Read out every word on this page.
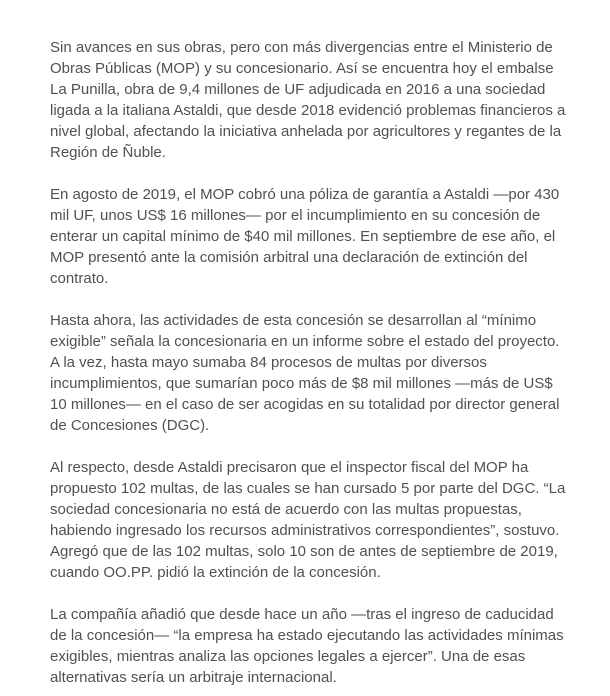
Sin avances en sus obras, pero con más divergencias entre el Ministerio de Obras Públicas (MOP) y su concesionario. Así se encuentra hoy el embalse La Punilla, obra de 9,4 millones de UF adjudicada en 2016 a una sociedad ligada a la italiana Astaldi, que desde 2018 evidenció problemas financieros a nivel global, afectando la iniciativa anhelada por agricultores y regantes de la Región de Ñuble.

En agosto de 2019, el MOP cobró una póliza de garantía a Astaldi —por 430 mil UF, unos US$ 16 millones— por el incumplimiento en su concesión de enterar un capital mínimo de $40 mil millones. En septiembre de ese año, el MOP presentó ante la comisión arbitral una declaración de extinción del contrato.

Hasta ahora, las actividades de esta concesión se desarrollan al “mínimo exigible” señala la concesionaria en un informe sobre el estado del proyecto. A la vez, hasta mayo sumaba 84 procesos de multas por diversos incumplimientos, que sumarían poco más de $8 mil millones —más de US$ 10 millones— en el caso de ser acogidas en su totalidad por director general de Concesiones (DGC).

Al respecto, desde Astaldi precisaron que el inspector fiscal del MOP ha propuesto 102 multas, de las cuales se han cursado 5 por parte del DGC. “La sociedad concesionaria no está de acuerdo con las multas propuestas, habiendo ingresado los recursos administrativos correspondientes”, sostuvo. Agregó que de las 102 multas, solo 10 son de antes de septiembre de 2019, cuando OO.PP. pidió la extinción de la concesión.

La compañía añadió que desde hace un año —tras el ingreso de caducidad de la concesión— “la empresa ha estado ejecutando las actividades mínimas exigibles, mientras analiza las opciones legales a ejercer”. Una de esas alternativas sería un arbitraje internacional.
